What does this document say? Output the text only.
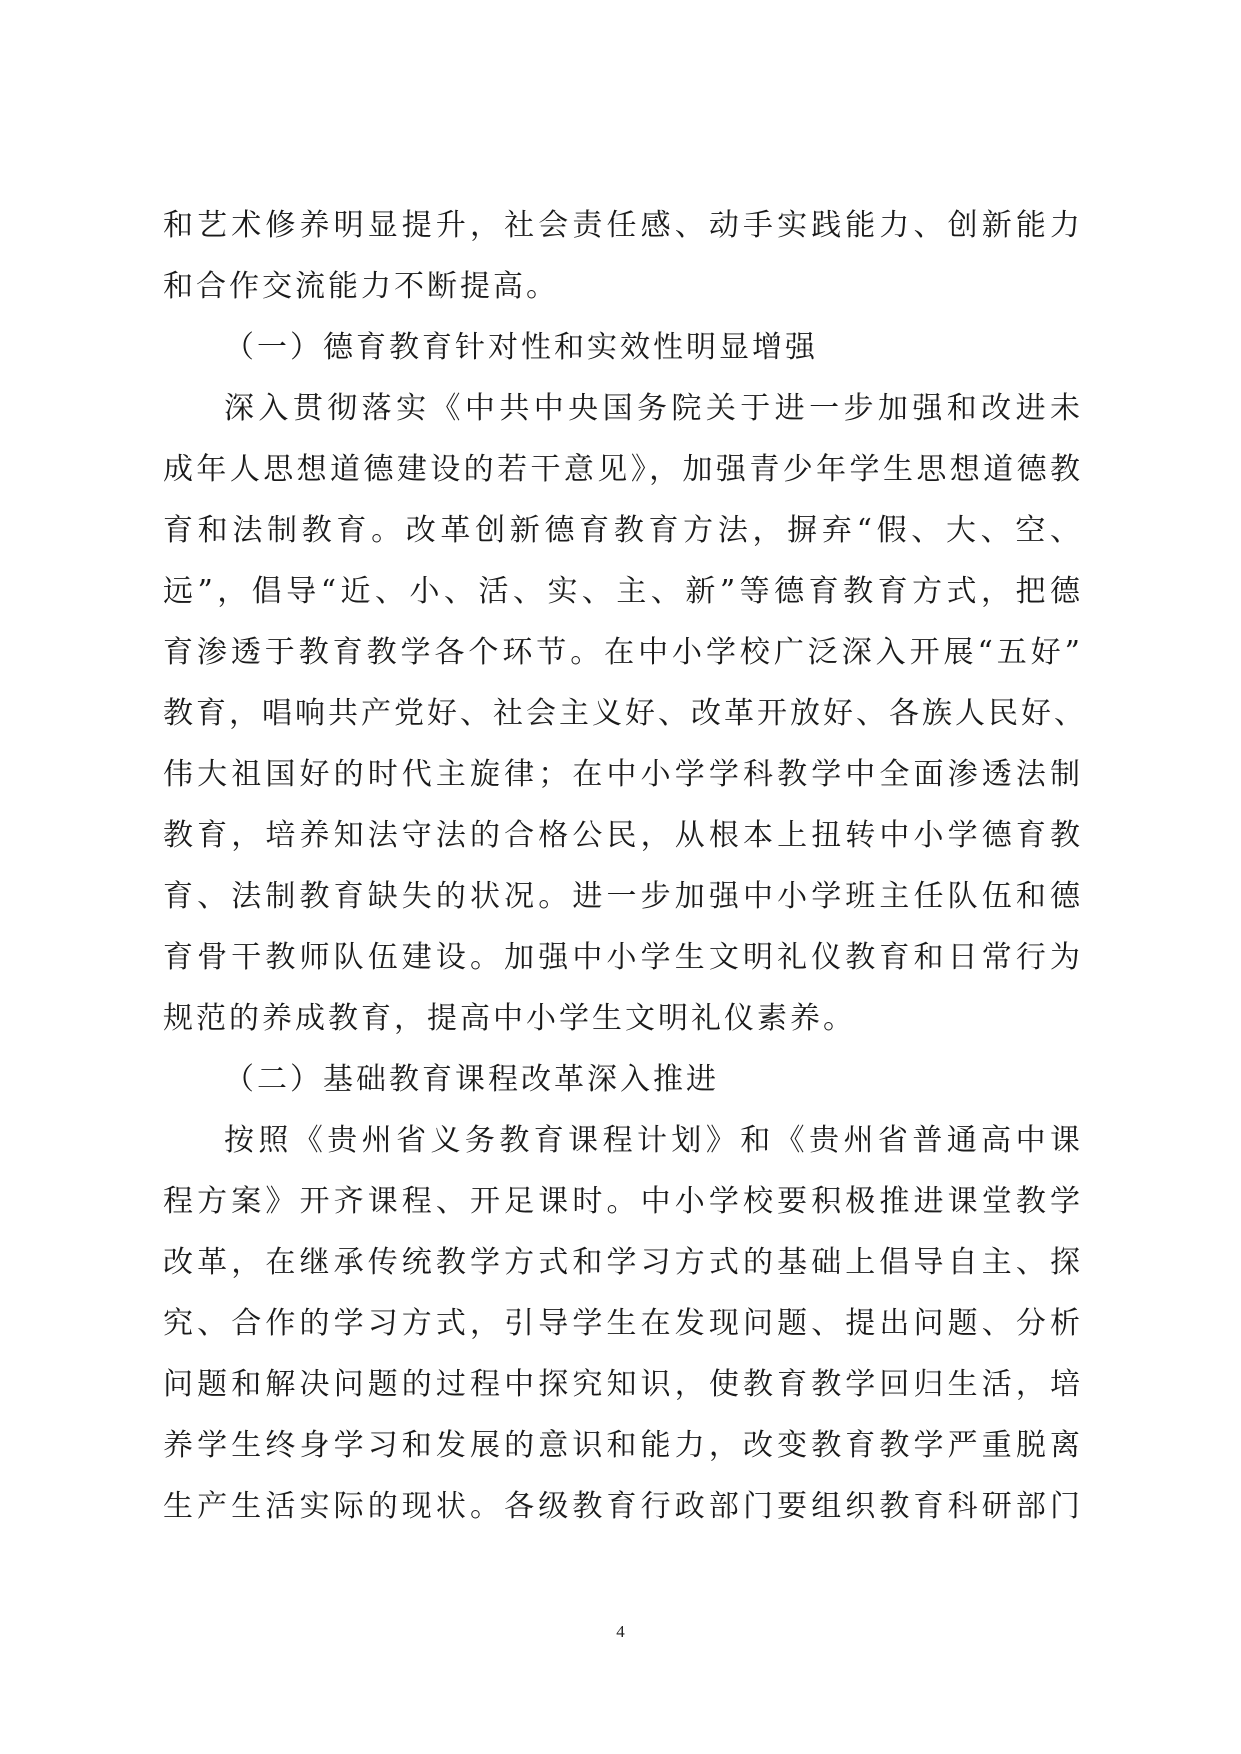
和艺术修养明显提升，社会责任感、动手实践能力、创新能力
和合作交流能力不断提高。
（一）德育教育针对性和实效性明显增强
深入贯彻落实《中共中央国务院关于进一步加强和改进未
成年人思想道德建设的若干意见》，加强青少年学生思想道德教
育和法制教育。改革创新德育教育方法，摒弃“假、大、空、
远”，倡导“近、小、活、实、主、新”等德育教育方式，把德
育渗透于教育教学各个环节。在中小学校广泛深入开展“五好”
教育，唱响共产党好、社会主义好、改革开放好、各族人民好、
伟大祖国好的时代主旋律；在中小学学科教学中全面渗透法制
教育，培养知法守法的合格公民，从根本上扭转中小学德育教
育、法制教育缺失的状况。进一步加强中小学班主任队伍和德
育骨干教师队伍建设。加强中小学生文明礼仪教育和日常行为
规范的养成教育，提高中小学生文明礼仪素养。
（二）基础教育课程改革深入推进
按照《贵州省义务教育课程计划》和《贵州省普通高中课
程方案》开齐课程、开足课时。中小学校要积极推进课堂教学
改革，在继承传统教学方式和学习方式的基础上倡导自主、探
究、合作的学习方式，引导学生在发现问题、提出问题、分析
问题和解决问题的过程中探究知识，使教育教学回归生活，培
养学生终身学习和发展的意识和能力，改变教育教学严重脱离
生产生活实际的现状。各级教育行政部门要组织教育科研部门
4
